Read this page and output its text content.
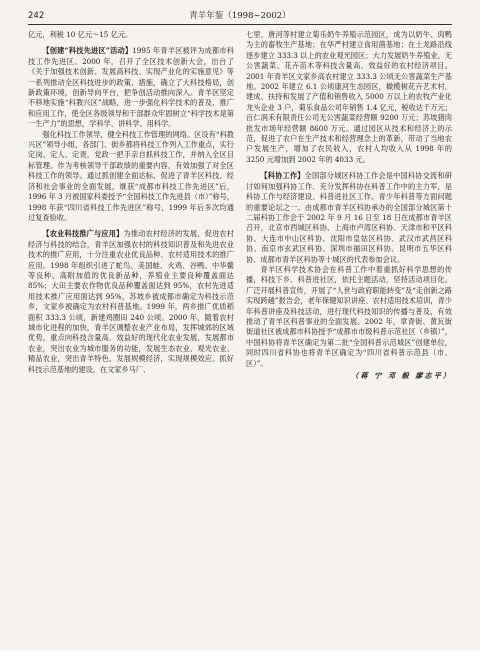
242	青羊年鉴（1998~2002）

亿元，利税 10 亿元～15 亿元。

【创建“科技先进区”活动】1995 年青羊区被评为成都市科技工作先进区。2000 年，召开了全区技术创新大会，出台了《关于加强技术创新、发展高科技、实现产业化的实施意见》等一系列推动全区科技进步的政策、措施，确立了大科技格局，创新政策环境，创新导向平台，把争创活动推向深入。青羊区坚定不移地实施“科教兴区”战略，进一步强化科学技术的普及、推广和应用工作，使全区各级领导和干部群众牢固树立“科学技术是第一生产力”的思想，学科学、讲科学、用科学。

强化科技工作领导，健全科技工作管理的网络。区设有“科教兴区”领导小组，各部门、街乡都将科技工作列入工作重点，实行定岗、定人、定责，党政一把手亲自抓科技工作，并纳入全区目标管理。作为考核领导干部政绩的重要内容，有效加强了对全区科技工作的领导。通过抓创建全面达标，促进了青羊区科技、经济和社会事业的全面发展，继获“成都市科技工作先进区”后，1996 年 3 月被国家科委授予“全国科技工作先进县（市）”称号，1998 年获“四川省科技工作先进区”称号，1999 年后多次均通过复查验收。

【农业科技推广与应用】为推动农村经济的发展，促进农村经济与科技的结合，青羊区加强农村的科技知识普及和先进农业技术的推广应用，十分注重农业优良品种、农村适用技术的推广应用。1998 年组织引进了蛇鸟、美国蛙、火鸡、谷鸭、中华鳖等良种、高附加值的优良新品种，养殖业主要良种覆盖面达 85%；大田主要农作物优良品种覆盖面达到 95%，农村先进适用技术推广应用面达到 95%，苏坡乡被成都市确定为科技示范乡，文家乡被确定为农村科普基地。1999 年，两乡推广优质稻面积 333.3 公顷，新建鸡圈田 240 公顷。2000 年，随着农村城市化进程的加快，青羊区调整农业产业布局，发挥城郊的区域优势，重点向科技含量高、效益好的现代化农业发展，发展都市农业，突出农业为城市服务的功能，发展生态农业、观光农业、精品农业，突出青羊特色，发展规模经济，实现规模效应。抓好科技示范基地的建设，在文家乡马厂、

七里、唐河等村建立菊乐奶牛养殖示范园区，成为以奶牛、肉鸭为主的畜牧生产基地；在华严村建立食用菌基地；在土龙路沿线逐步建立 333.3 以上的农业观光园区；大力发展奶牛养殖业，无公害蔬菜、花卉苗木等科技含量高、效益好的农村经济项目。2001 年青羊区文家乡高农村建立 333.3 公顷无公害蔬菜生产基地。2002 年建立 6.1 公顷康河生态园区，橄榄树花卉艺术村，建成、扶持和发展了产值和销售收入 5000 万以上的农牧产业化龙头企业 3 户，菊乐食品公司年销售 1.4 亿元，税收达千万元；百仁润禾有限责任公司无公害蔬菜经营额 9200 万元；苏坡猪肉批发市场年经营额 8600 万元。通过园区从技术和经济上的示范，促进了农户在生产技术和经营理念上的革新，带动了当地农户发展生产，增加了农民收入，农村人均收入从 1998 年的 3250 元增加到 2002 年的 4033 元。

【科协工作】全国部分城区科协工作会是中国科协交流和研讨如何加强科协工作、充分发挥科协在科普工作中的主力军，是科协工作与经济建设、科普进社区工作、青少年科普等方面问题的重要论坛之一。由成都市青羊区科协承办的全国部分城区第十二届科协工作会于 2002 年 9 月 16 日至 18 日在成都市青羊区召开，北京市西城区科协、上海市卢湾区科协、天津市和平区科协、大连市中山区科协、沈阳市皇姑区科协、武汉市武昌区科协、南京市玄武区科协、深圳市福田区科协、昆明市五华区科协、成都市青羊区科协等十城区的代表参加会议。

青羊区科学技术协会在科普工作中着重抓好科学思想的传播，科技下乡、科普进社区，依托主题活动，坚持活动项目化。广泛开展科普宣传，开展了“人世与政府职能转变”及“走创新之路实现跨越”报告会，老年保健知识讲座、农村适用技术培训，青少年科普讲座及科技活动，进行现代科技知识的传播与普及，有效推动了青羊区科普事业的全面发展。2002 年，章青街、黄瓦街街道社区被成都市科协授予“成都市市级科普示范社区（乡镇）”，中国科协将青羊区确定为第二批“全国科普示范城区”创建单位，同时四川省科协也将青羊区确定为“四川省科普示范县（市、区）”。

（蒋 宁 邓 毅 廖志平）
